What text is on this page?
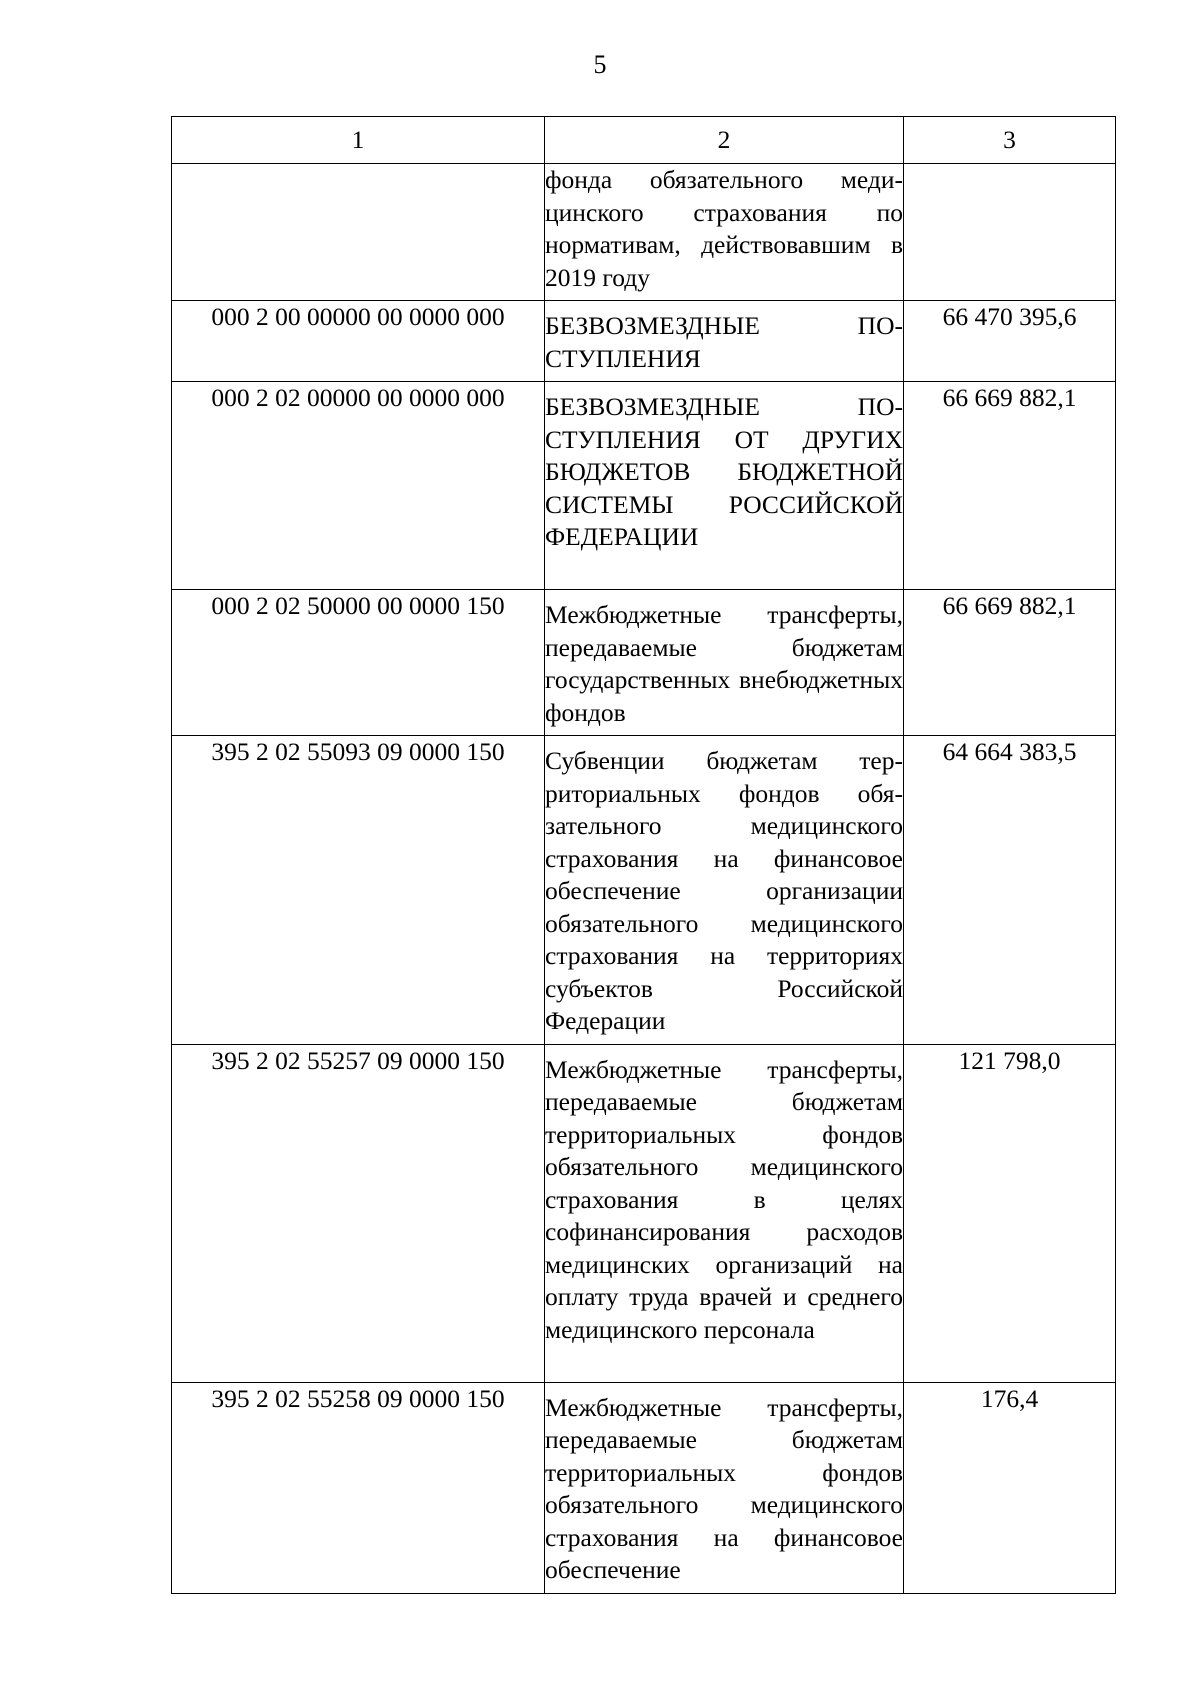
5
1	2	3

	фонда обязательного медицинского страхования по нормативам, действовавшим в 2019 году	

000 2 00 00000 00 0000 000	БЕЗВОЗМЕЗДНЫЕ ПОСТУПЛЕНИЯ	66 470 395,6
000 2 02 00000 00 0000 000	БЕЗВОЗМЕЗДНЫЕ ПОСТУПЛЕНИЯ ОТ ДРУГИХ БЮДЖЕТОВ БЮДЖЕТНОЙ СИСТЕМЫ РОССИЙСКОЙ ФЕДЕРАЦИИ	66 669 882,1
000 2 02 50000 00 0000 150	Межбюджетные трансферты, передаваемые бюджетам государственных внебюджетных фондов	66 669 882,1
395 2 02 55093 09 0000 150	Субвенции бюджетам территориальных фондов обязательного медицинского страхования на финансовое обеспечение организации обязательного медицинского страхования на территориях субъектов Российской Федерации	64 664 383,5
395 2 02 55257 09 0000 150	Межбюджетные трансферты, передаваемые бюджетам территориальных фондов обязательного медицинского страхования в целях софинансирования расходов медицинских организаций на оплату труда врачей и среднего медицинского персонала	121 798,0
395 2 02 55258 09 0000 150	Межбюджетные трансферты, передаваемые бюджетам территориальных фондов обязательного медицинского страхования на финансовое обеспечение	176,4
